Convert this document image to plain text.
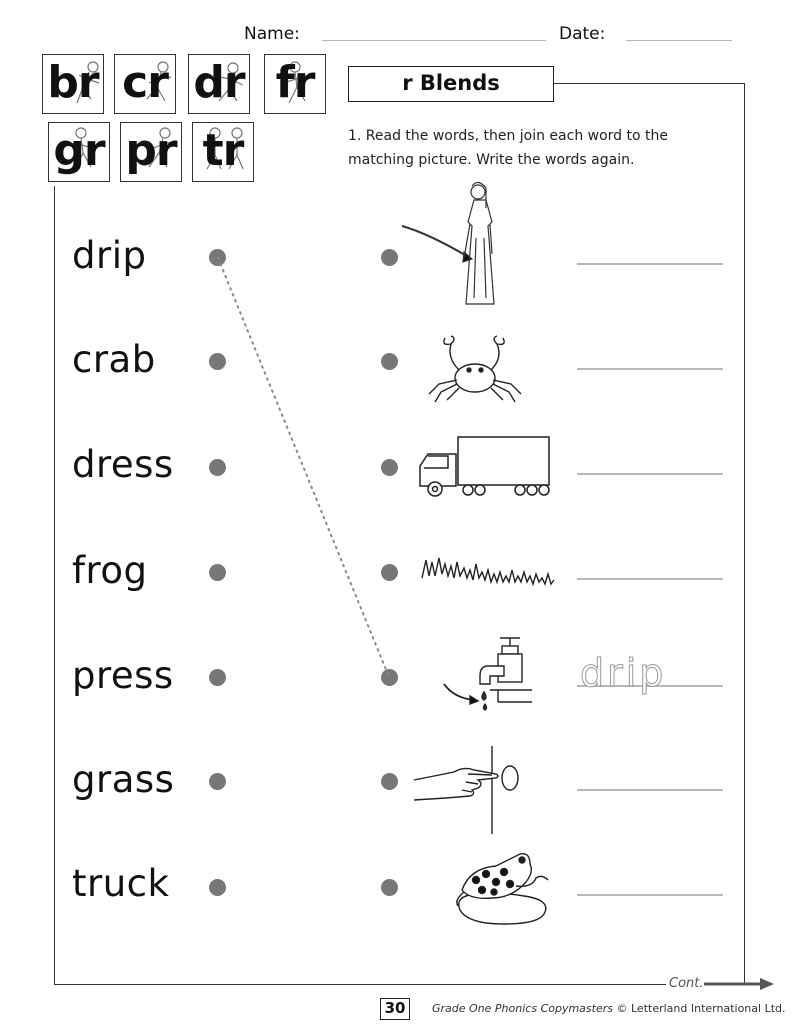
Name:	Date:
br cr dr fr
gr pr tr
r Blends
1. Read the words, then join each word to the matching picture. Write the words again.
drip
crab
dress
frog
press
grass
truck
drip
Cont.
30	Grade One Phonics Copymasters © Letterland International Ltd.
